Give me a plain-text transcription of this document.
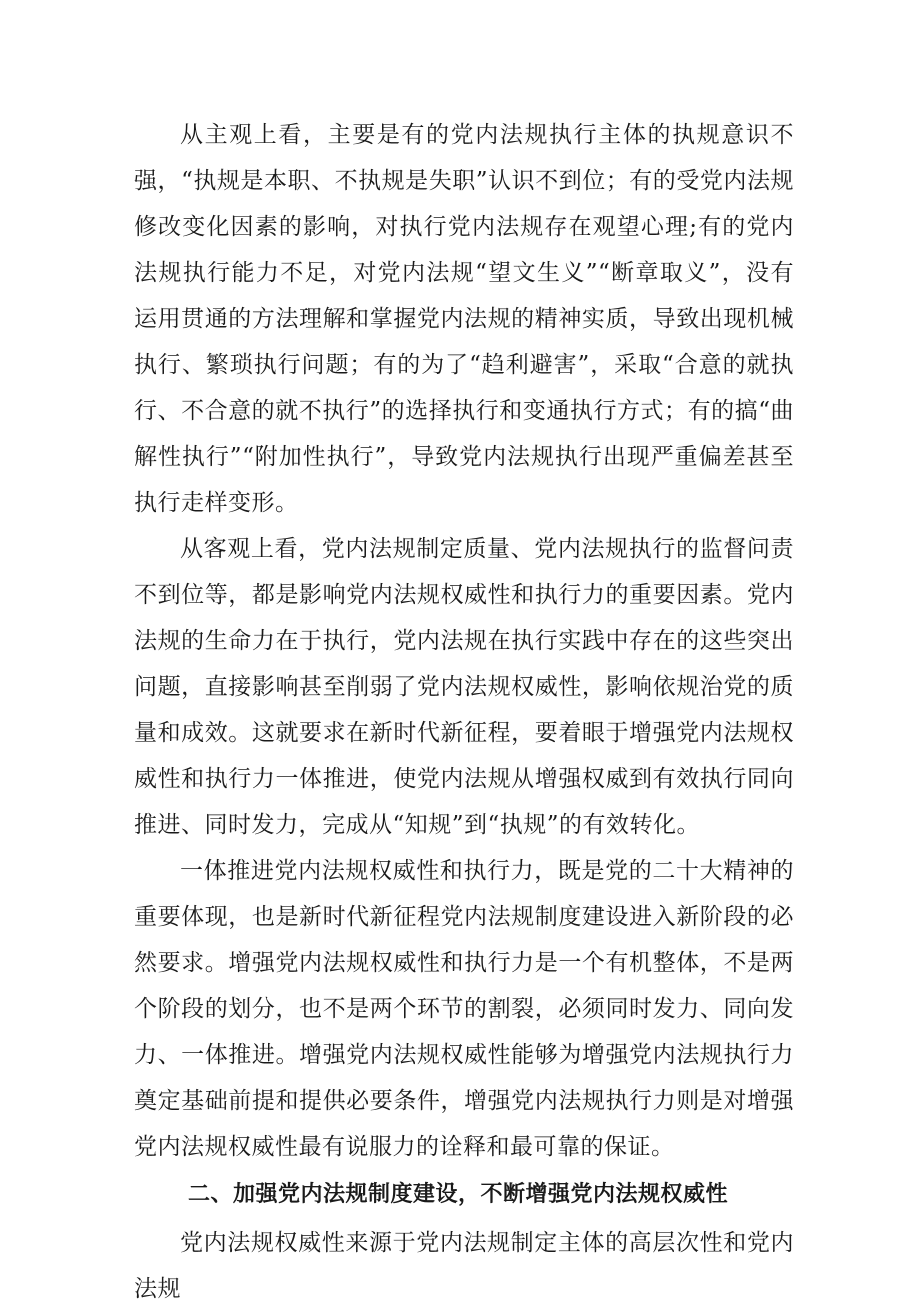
从主观上看，主要是有的党内法规执行主体的执规意识不强，“执规是本职、不执规是失职”认识不到位；有的受党内法规修改变化因素的影响，对执行党内法规存在观望心理;有的党内法规执行能力不足，对党内法规“望文生义”“断章取义”，没有运用贯通的方法理解和掌握党内法规的精神实质，导致出现机械执行、繁琐执行问题；有的为了“趋利避害”，采取“合意的就执行、不合意的就不执行”的选择执行和变通执行方式；有的搞“曲解性执行”“附加性执行”，导致党内法规执行出现严重偏差甚至执行走样变形。

从客观上看，党内法规制定质量、党内法规执行的监督问责不到位等，都是影响党内法规权威性和执行力的重要因素。党内法规的生命力在于执行，党内法规在执行实践中存在的这些突出问题，直接影响甚至削弱了党内法规权威性，影响依规治党的质量和成效。这就要求在新时代新征程，要着眼于增强党内法规权威性和执行力一体推进，使党内法规从增强权威到有效执行同向推进、同时发力，完成从“知规”到“执规”的有效转化。

一体推进党内法规权威性和执行力，既是党的二十大精神的重要体现，也是新时代新征程党内法规制度建设进入新阶段的必然要求。增强党内法规权威性和执行力是一个有机整体，不是两个阶段的划分，也不是两个环节的割裂，必须同时发力、同向发力、一体推进。增强党内法规权威性能够为增强党内法规执行力奠定基础前提和提供必要条件，增强党内法规执行力则是对增强党内法规权威性最有说服力的诠释和最可靠的保证。

二、加强党内法规制度建设，不断增强党内法规权威性

党内法规权威性来源于党内法规制定主体的高层次性和党内法规
